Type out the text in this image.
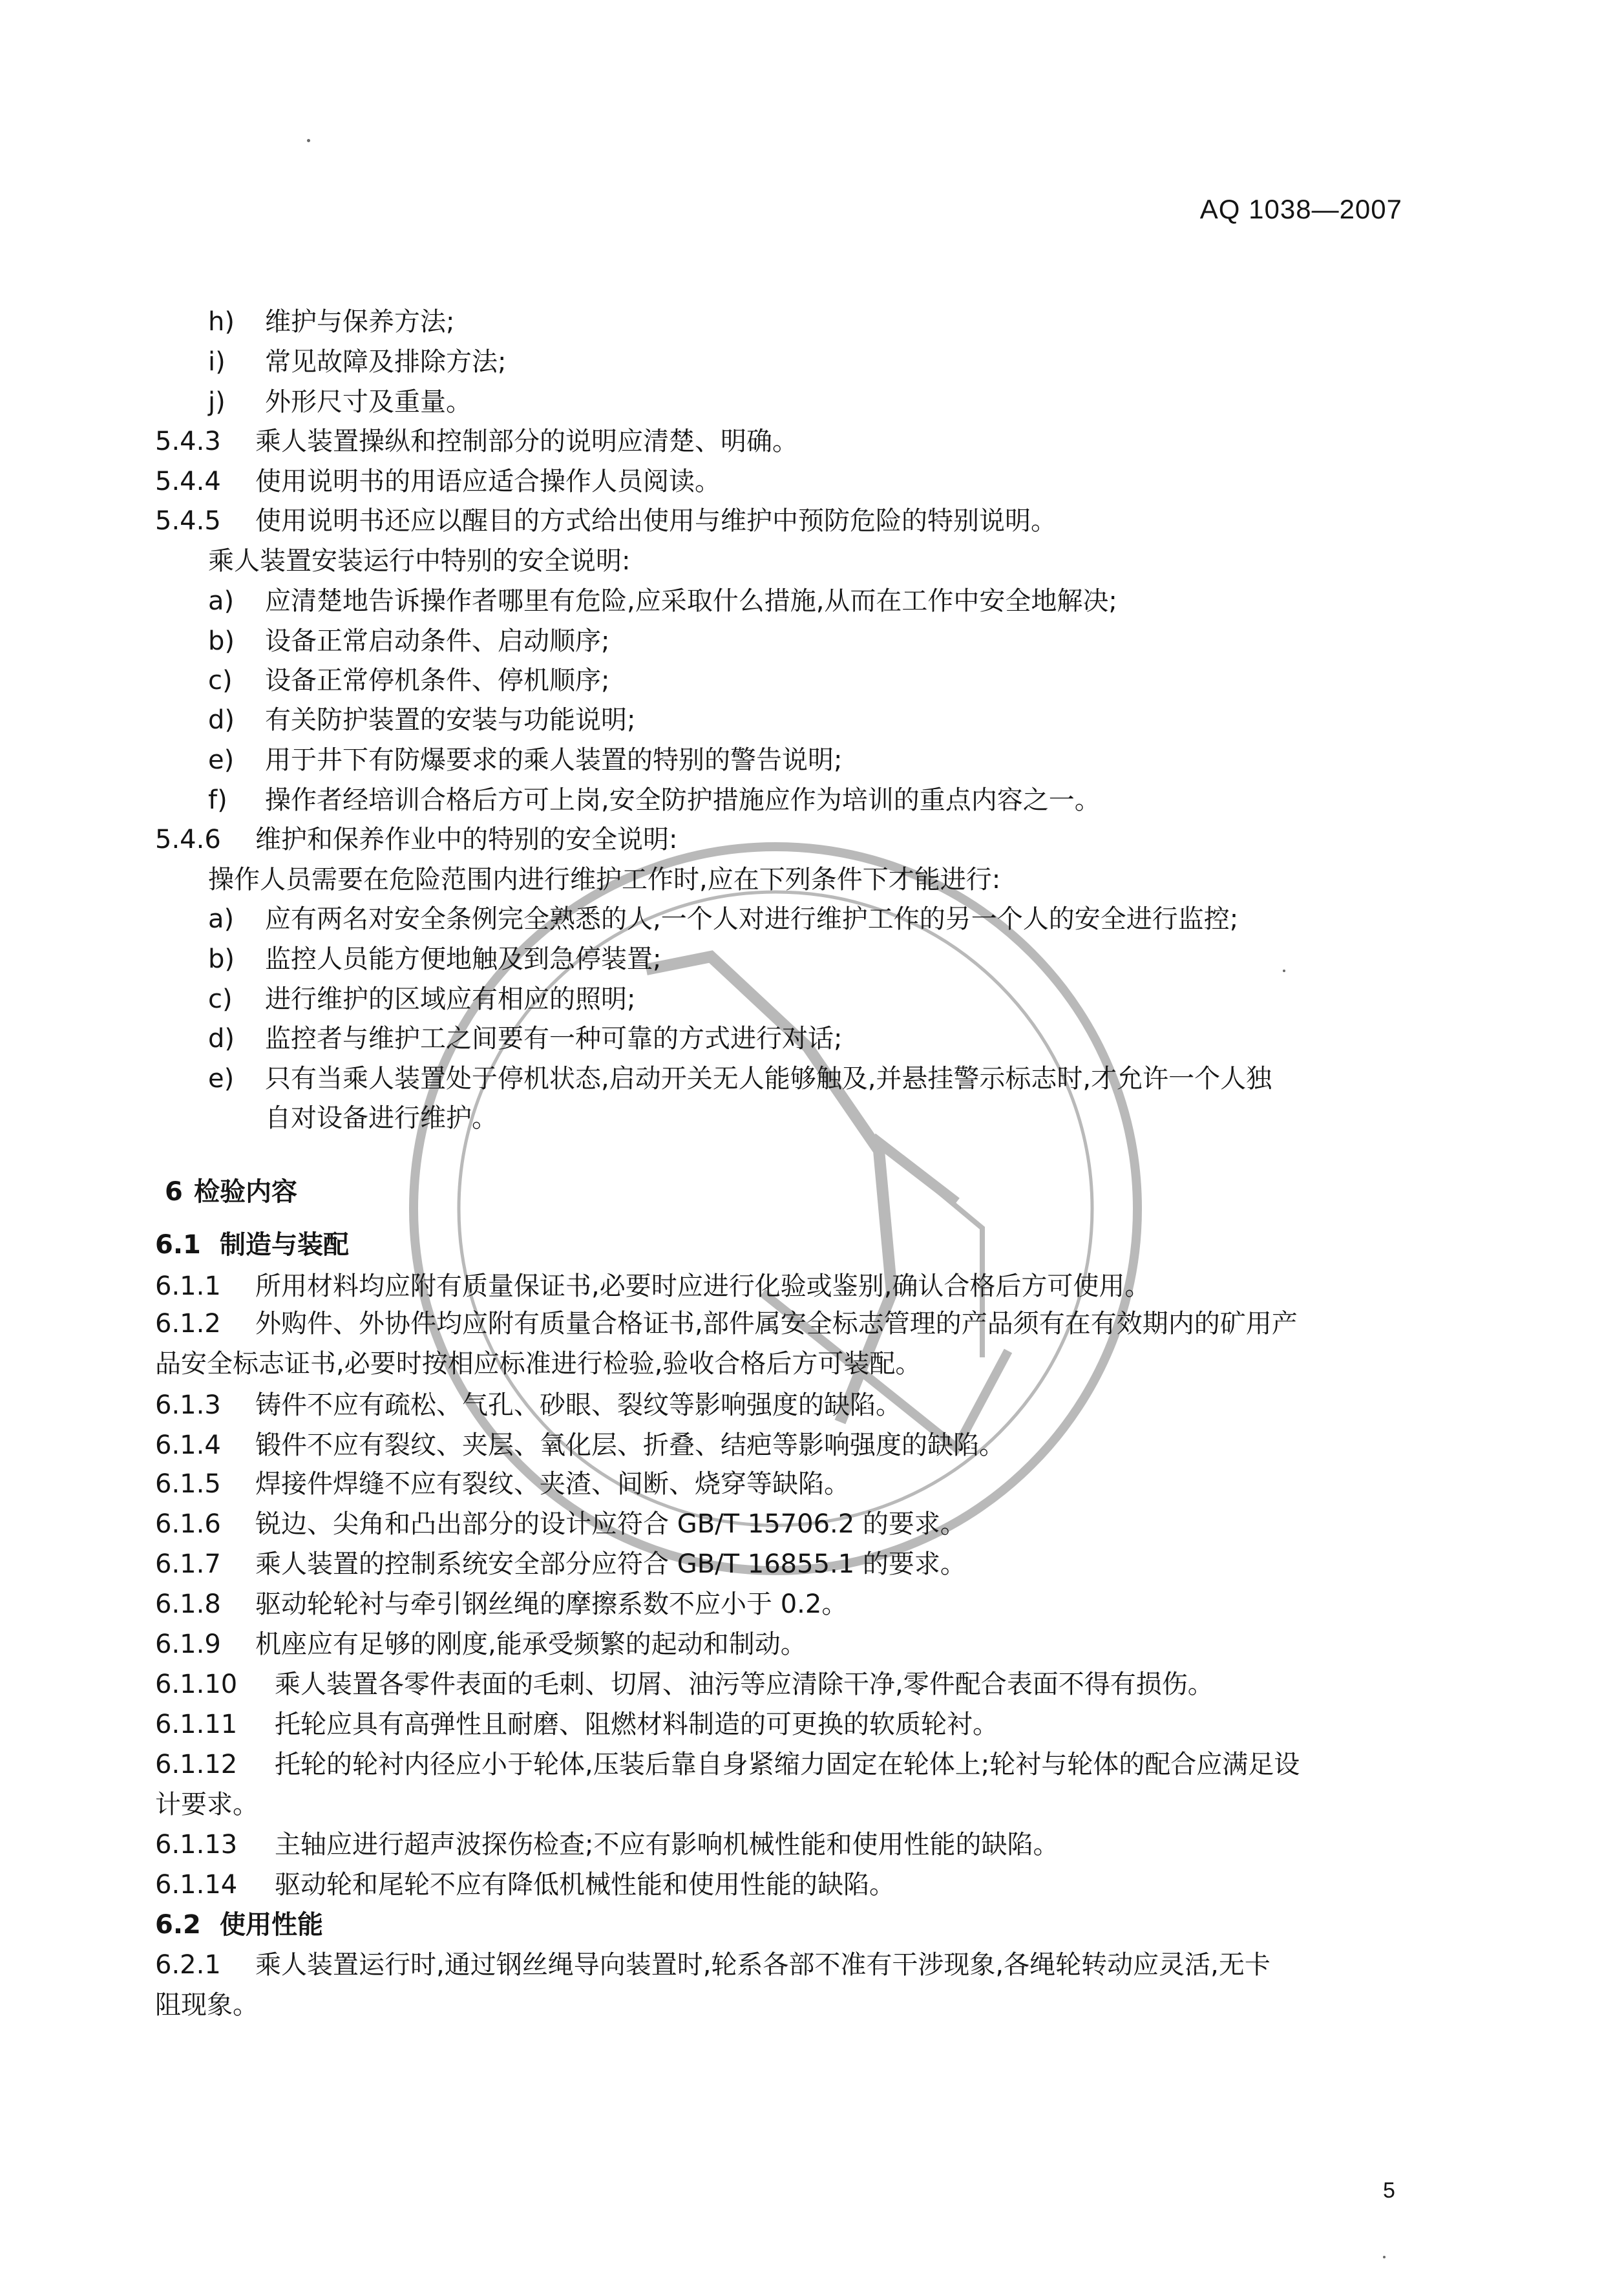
AQ 1038—2007
h) 维护与保养方法;
i) 常见故障及排除方法;
j) 外形尺寸及重量。
5.4.3 乘人装置操纵和控制部分的说明应清楚、明确。
5.4.4 使用说明书的用语应适合操作人员阅读。
5.4.5 使用说明书还应以醒目的方式给出使用与维护中预防危险的特别说明。
乘人装置安装运行中特别的安全说明:
a) 应清楚地告诉操作者哪里有危险,应采取什么措施,从而在工作中安全地解决;
b) 设备正常启动条件、启动顺序;
c) 设备正常停机条件、停机顺序;
d) 有关防护装置的安装与功能说明;
e) 用于井下有防爆要求的乘人装置的特别的警告说明;
f) 操作者经培训合格后方可上岗,安全防护措施应作为培训的重点内容之一。
5.4.6 维护和保养作业中的特别的安全说明:
操作人员需要在危险范围内进行维护工作时,应在下列条件下才能进行:
a) 应有两名对安全条例完全熟悉的人,一个人对进行维护工作的另一个人的安全进行监控;
b) 监控人员能方便地触及到急停装置;
c) 进行维护的区域应有相应的照明;
d) 监控者与维护工之间要有一种可靠的方式进行对话;
e) 只有当乘人装置处于停机状态,启动开关无人能够触及,并悬挂警示标志时,才允许一个人独
自对设备进行维护。
6 检验内容
6.1 制造与装配
6.1.1 所用材料均应附有质量保证书,必要时应进行化验或鉴别,确认合格后方可使用。
6.1.2 外购件、外协件均应附有质量合格证书,部件属安全标志管理的产品须有在有效期内的矿用产
品安全标志证书,必要时按相应标准进行检验,验收合格后方可装配。
6.1.3 铸件不应有疏松、气孔、砂眼、裂纹等影响强度的缺陷。
6.1.4 锻件不应有裂纹、夹层、氧化层、折叠、结疤等影响强度的缺陷。
6.1.5 焊接件焊缝不应有裂纹、夹渣、间断、烧穿等缺陷。
6.1.6 锐边、尖角和凸出部分的设计应符合 GB/T 15706.2 的要求。
6.1.7 乘人装置的控制系统安全部分应符合 GB/T 16855.1 的要求。
6.1.8 驱动轮轮衬与牵引钢丝绳的摩擦系数不应小于 0.2。
6.1.9 机座应有足够的刚度,能承受频繁的起动和制动。
6.1.10 乘人装置各零件表面的毛刺、切屑、油污等应清除干净,零件配合表面不得有损伤。
6.1.11 托轮应具有高弹性且耐磨、阻燃材料制造的可更换的软质轮衬。
6.1.12 托轮的轮衬内径应小于轮体,压装后靠自身紧缩力固定在轮体上;轮衬与轮体的配合应满足设
计要求。
6.1.13 主轴应进行超声波探伤检查;不应有影响机械性能和使用性能的缺陷。
6.1.14 驱动轮和尾轮不应有降低机械性能和使用性能的缺陷。
6.2 使用性能
6.2.1 乘人装置运行时,通过钢丝绳导向装置时,轮系各部不准有干涉现象,各绳轮转动应灵活,无卡
阻现象。
5
